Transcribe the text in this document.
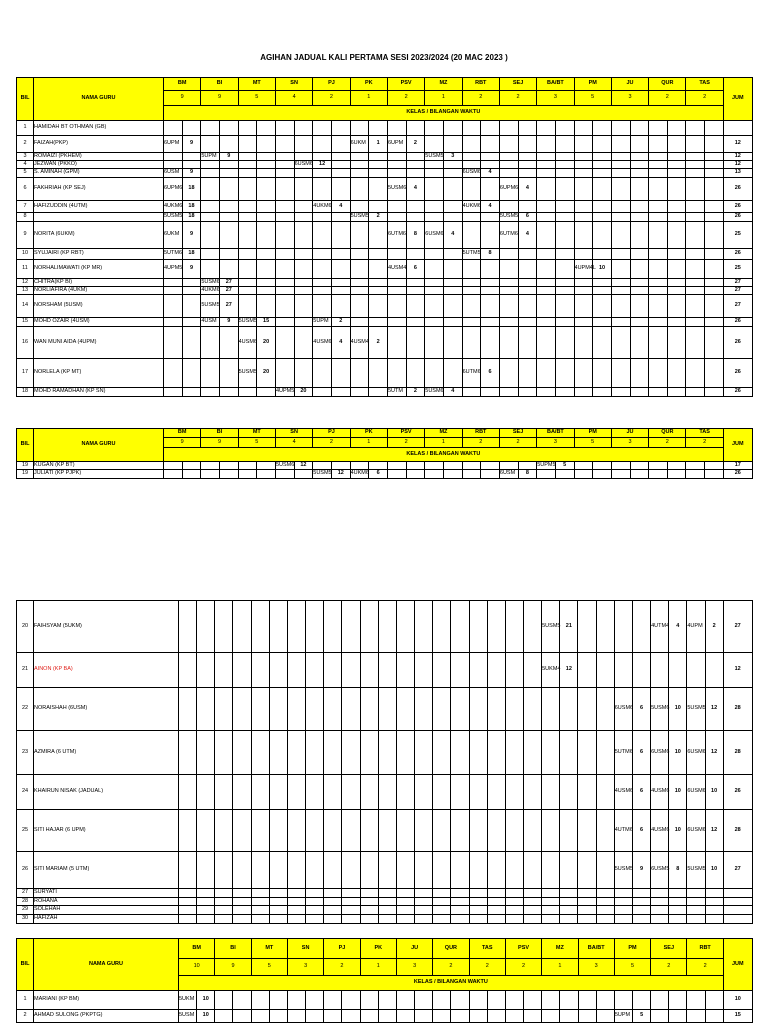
AGIHAN JADUAL KALI PERTAMA SESI 2023/2024 (20 MAC 2023 )
BIL	NAMA GURU	BM		BI		MT		SN		PJ		PK		PSV		MZ		RBT		SEJ		BA/BT		PM		JU		QUR		TAS		JUM
		9		9		5		4		2		1		2		1		2		2		3		5		3		2		2		
		KELAS / BILANGAN WAKTU																														
1	HAMIDAH BT OTHMAN (GB)																															
2	FAIZAH(PKP)	6UPM	9									6UKM	1	6UPM	2																	12
3	ROMAIZI (PKHEM)			5UPM	9											5USM5	3															12
4	JEZWAN (PKKO)								6USM6	12																						12
5	S. AMINAH (GPM)	6USM	9															6USM6	4													13
6	FAKHRIAH (KP SEJ)	6UPM6	18											5USM6	4					6UPM6	4											26
7	HAFIZUDDIN (4UTM)	4UKM6	18							4UKM6	4							4UKM6	4													26
8		5USM5	18									5USM5	2							5USM5	6											26
9	NORITA (6UKM)	6UKM	9											6UTM6	8	6USM6	4			6UTM6	4											25
10	SYUJAIRI (KP RBT)	5UTM6	18															5UTM5	8													26
11	NORHALIMAWATI (KP MR)	4UPM5	9											4USM4	6									4UPM4L	10							25
12	CHITRA(KP BI)			5USM6	27																											27
13	NORLIAFIRA (4UKM)			4UKM6	27																											27
14	NORSHAM (5USM)			5USM5	27																											27
15	MOHD OZAIR (4USM)			4USM	9	5USM5	15			5UPM	2																					26
16	WAN MUNI AIDA (4UPM)					4USM6	20			4USM6	4	4USM4	2																			26
17	NORLELA (KP MT)					5USM5	20											6UTM6	6													26
18	MOHD RAMADHAN (KP SN)							4UPM5	20					5UTM	2	5USM6	4															26
BIL	NAMA GURU	BM		BI		MT		SN		PJ		PK		PSV		MZ		RBT		SEJ		BA/BT		PM		JU		QUR		TAS		JUM
		9		9		5		4		2		1		2		1		2		2		3		5		3		2		2		
		KELAS / BILANGAN WAKTU																														
19	KUGAN (KP BT)							5USM6	12													5UPM5	5									17
19	JULIATI (KP PJPK)									5USM5	12	4UKM6	6							6USM	8											26
20	FAIHSYAM (5UKM)																					5USM5	21					4UTM4	4	4UPM	2	27
21	AINON (KP BA)																					5UKM4	12									12
22	NORAISHAH (6USM)																									6USM6	6	5USM6	10	5USM5	12	28
23	AZMIRA (6 UTM)																									5UTM6	6	6USM6	10	6USM6	12	28
24	KHAIRUN NISAK (JADUAL)																									4USM6	6	4USM6	10	6USM6	10	26
25	SITI HAJAR (6 UPM)																									4UTM6	6	4USM6	10	6USM6	12	28
26	SITI MARIAM (5 UTM)																									5USM5	9	6USM5	8	5USM5	10	27
27	SURYATI																															
28	ROHANA																															
29	SOLEHAH																															
30	HAFIZAH																															
BIL	NAMA GURU	BM		BI		MT		SN		PJ		PK		JU		QUR		TAS		PSV		MZ		BA/BT		PM		SEJ		RBT		JUM
		10		9		5		3		2		1		3		2		2		2		1		3		5		2		2		
		KELAS / BILANGAN WAKTU																														
1	MARIANI (KP BM)	5UKM	10																													10
2	AHMAD SULONG (PKPTG)	5USM	10																							5UPM	5					15
